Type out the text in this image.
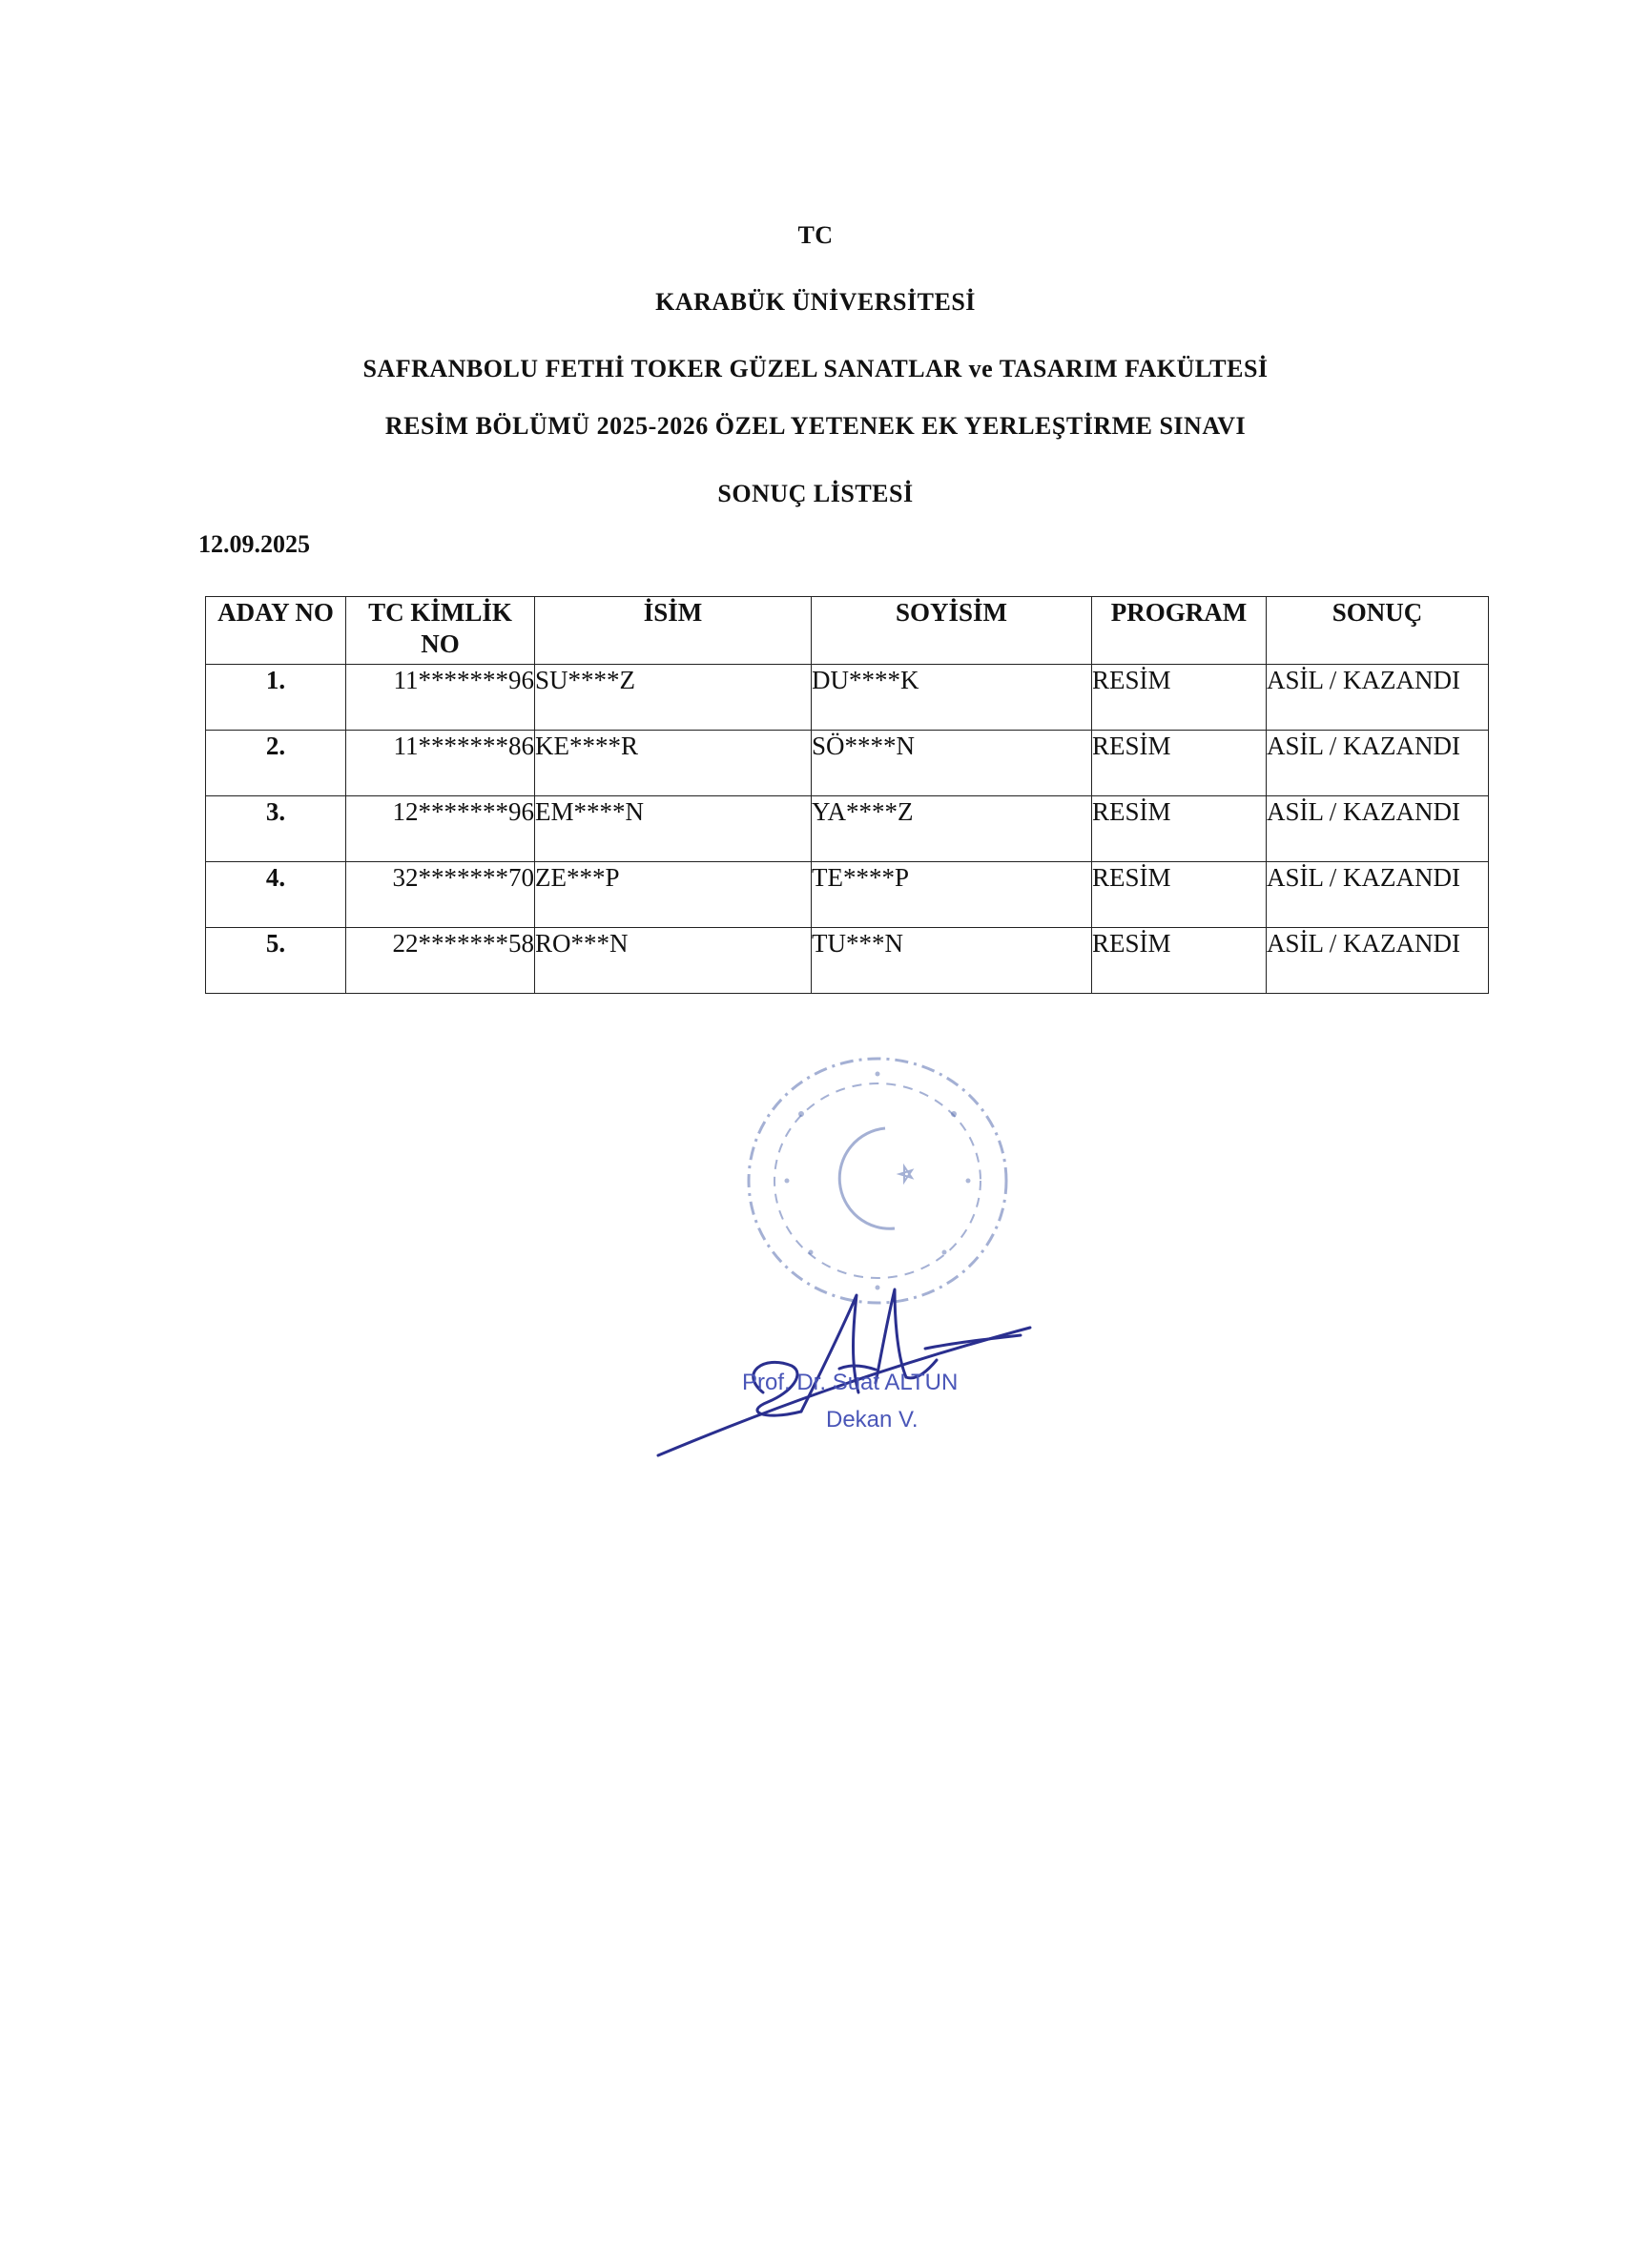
TC
KARABÜK ÜNİVERSİTESİ
SAFRANBOLU FETHİ TOKER GÜZEL SANATLAR ve TASARIM FAKÜLTESİ
RESİM BÖLÜMÜ 2025-2026 ÖZEL YETENEK EK YERLEŞTİRME SINAVI
SONUÇ LİSTESİ
12.09.2025
ADAY NO	TC KİMLİK NO	İSİM	SOYİSİM	PROGRAM	SONUÇ
1.	11*******96	SU****Z	DU****K	RESİM	ASİL / KAZANDI
2.	11*******86	KE****R	SÖ****N	RESİM	ASİL / KAZANDI
3.	12*******96	EM****N	YA****Z	RESİM	ASİL / KAZANDI
4.	32*******70	ZE***P	TE****P	RESİM	ASİL / KAZANDI
5.	22*******58	RO***N	TU***N	RESİM	ASİL / KAZANDI
Prof. Dr. Suat ALTUN
Dekan V.
